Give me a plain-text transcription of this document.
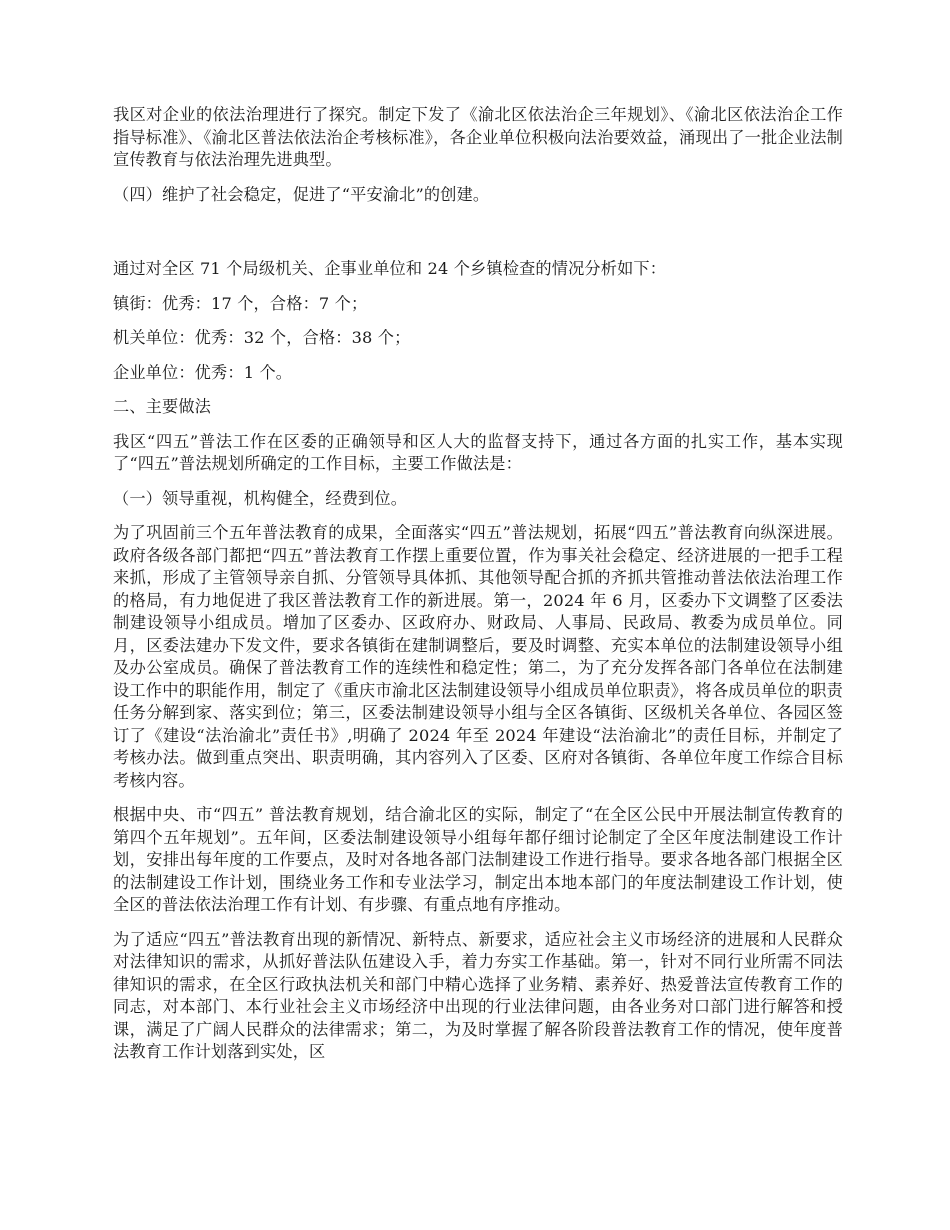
我区对企业的依法治理进行了探究。制定下发了《渝北区依法治企三年规划》、《渝北区依法治企工作指导标准》、《渝北区普法依法治企考核标准》，各企业单位积极向法治要效益，涌现出了一批企业法制宣传教育与依法治理先进典型。

（四）维护了社会稳定，促进了“平安渝北”的创建。

通过对全区 71 个局级机关、企事业单位和 24 个乡镇检查的情况分析如下：

镇街：优秀：17 个，合格：7 个；

机关单位：优秀：32 个，合格：38 个；

企业单位：优秀：1 个。

二、主要做法

我区“四五”普法工作在区委的正确领导和区人大的监督支持下，通过各方面的扎实工作，基本实现了“四五”普法规划所确定的工作目标，主要工作做法是：

（一）领导重视，机构健全，经费到位。

为了巩固前三个五年普法教育的成果，全面落实“四五”普法规划，拓展“四五”普法教育向纵深进展。政府各级各部门都把“四五”普法教育工作摆上重要位置，作为事关社会稳定、经济进展的一把手工程来抓，形成了主管领导亲自抓、分管领导具体抓、其他领导配合抓的齐抓共管推动普法依法治理工作的格局，有力地促进了我区普法教育工作的新进展。第一，2024 年 6 月，区委办下文调整了区委法制建设领导小组成员。增加了区委办、区政府办、财政局、人事局、民政局、教委为成员单位。同月，区委法建办下发文件，要求各镇街在建制调整后，要及时调整、充实本单位的法制建设领导小组及办公室成员。确保了普法教育工作的连续性和稳定性；第二，为了充分发挥各部门各单位在法制建设工作中的职能作用，制定了《重庆市渝北区法制建设领导小组成员单位职责》，将各成员单位的职责任务分解到家、落实到位；第三，区委法制建设领导小组与全区各镇街、区级机关各单位、各园区签订了《建设“法治渝北”责任书》,明确了 2024 年至 2024 年建设“法治渝北”的责任目标，并制定了考核办法。做到重点突出、职责明确，其内容列入了区委、区府对各镇街、各单位年度工作综合目标考核内容。

根据中央、市“四五” 普法教育规划，结合渝北区的实际，制定了“在全区公民中开展法制宣传教育的第四个五年规划”。五年间，区委法制建设领导小组每年都仔细讨论制定了全区年度法制建设工作计划，安排出每年度的工作要点，及时对各地各部门法制建设工作进行指导。要求各地各部门根据全区的法制建设工作计划，围绕业务工作和专业法学习，制定出本地本部门的年度法制建设工作计划，使全区的普法依法治理工作有计划、有步骤、有重点地有序推动。

为了适应“四五”普法教育出现的新情况、新特点、新要求，适应社会主义市场经济的进展和人民群众对法律知识的需求，从抓好普法队伍建设入手，着力夯实工作基础。第一，针对不同行业所需不同法律知识的需求，在全区行政执法机关和部门中精心选择了业务精、素养好、热爱普法宣传教育工作的同志，对本部门、本行业社会主义市场经济中出现的行业法律问题，由各业务对口部门进行解答和授课，满足了广阔人民群众的法律需求；第二，为及时掌握了解各阶段普法教育工作的情况，使年度普法教育工作计划落到实处，区
